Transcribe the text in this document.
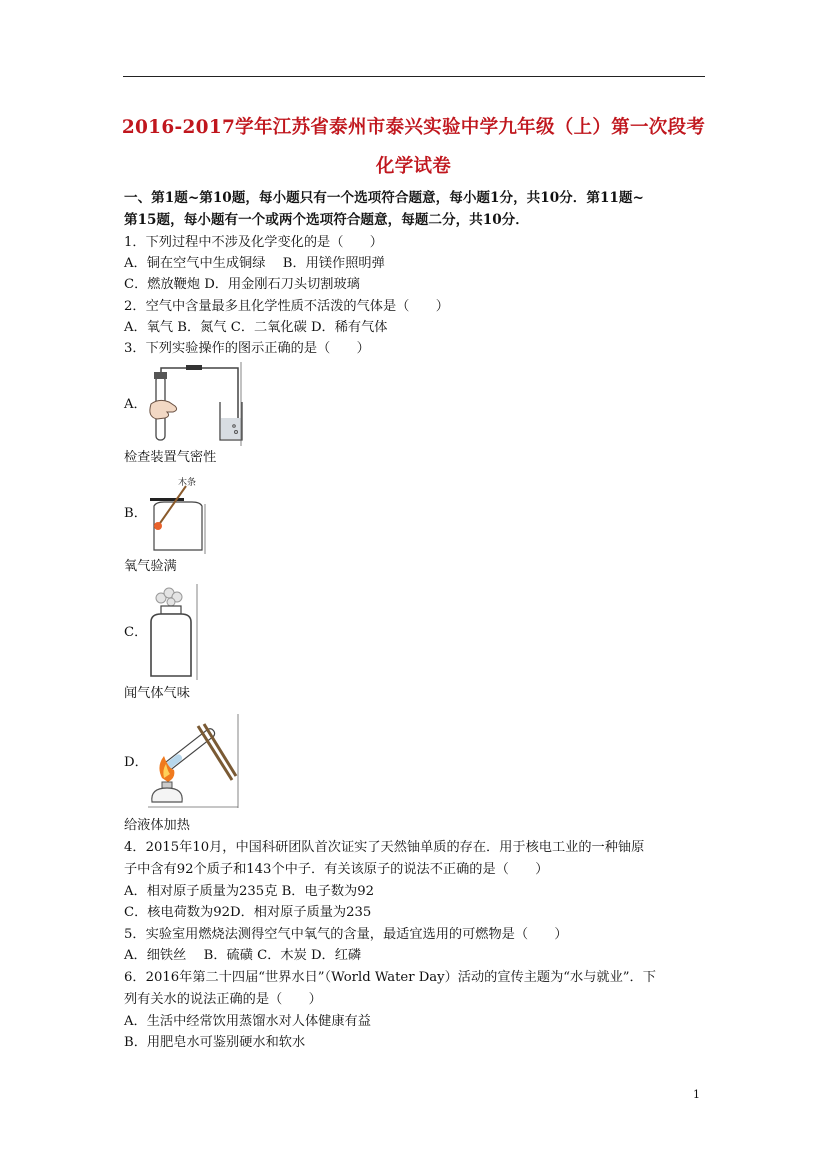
2016-2017学年江苏省泰州市泰兴实验中学九年级（上）第一次段考
化学试卷
一、第1题~第10题，每小题只有一个选项符合题意，每小题1分，共10分．第11题~
第15题，每小题有一个或两个选项符合题意，每题二分，共10分．
1．下列过程中不涉及化学变化的是（　　）
A．铜在空气中生成铜绿　 B．用镁作照明弹
C．燃放鞭炮 D．用金刚石刀头切割玻璃
2．空气中含量最多且化学性质不活泼的气体是（　　）
A．氧气 B．氮气 C．二氧化碳 D．稀有气体
3．下列实验操作的图示正确的是（　　）
A．
检查装置气密性
B．
木条
氧气验满
C．
闻气体气味
D．
给液体加热
4．2015年10月，中国科研团队首次证实了天然铀单质的存在．用于核电工业的一种铀原
子中含有92个质子和143个中子．有关该原子的说法不正确的是（　　）
A．相对原子质量为235克 B．电子数为92
C．核电荷数为92D．相对原子质量为235
5．实验室用燃烧法测得空气中氧气的含量，最适宜选用的可燃物是（　　）
A．细铁丝　 B．硫磺 C．木炭 D．红磷
6．2016年第二十四届“世界水日”（World Water Day）活动的宣传主题为“水与就业”．下
列有关水的说法正确的是（　　）
A．生活中经常饮用蒸馏水对人体健康有益
B．用肥皂水可鉴别硬水和软水
1
